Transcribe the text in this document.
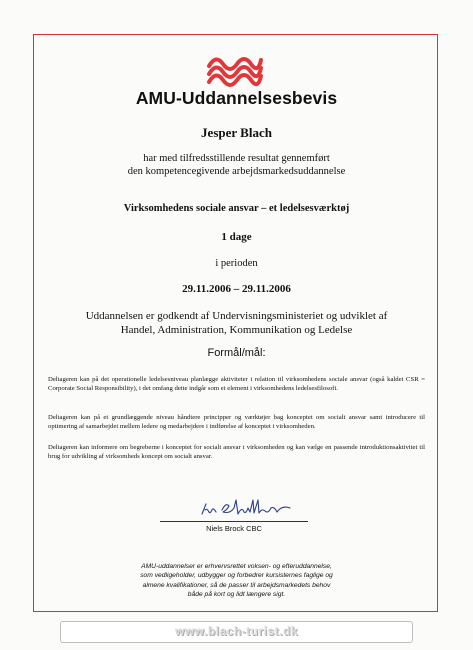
AMU-Uddannelsesbevis
Jesper Blach
har med tilfredsstillende resultat gennemført
den kompetencegivende arbejdsmarkedsuddannelse
Virksomhedens sociale ansvar – et ledelsesværktøj
1 dage
i perioden
29.11.2006 – 29.11.2006
Uddannelsen er godkendt af Undervisningsministeriet og udviklet af
Handel, Administration, Kommunikation og Ledelse
Formål/mål:
Deltageren kan på det operationelle ledelsesniveau planlægge aktiviteter i relation til virksomhedens sociale ansvar (også kaldet CSR = Corporate Social Responsibility), i det omfang dette indgår som et element i virksomhedens ledelsesfilosofi.
Deltageren kan på et grundlæggende niveau håndtere principper og værktøjer bag konceptet om socialt ansvar samt introducere til optimering af samarbejdet mellem ledere og medarbejdere i indførelse af konceptet i virksomheden.
Deltageren kan informere om begreberne i konceptet for socialt ansvar i virksomheden og kan vælge en passende introduktionsaktivitet til brug for udvikling af virksomheds koncept om socialt ansvar.
Niels Brock CBC
AMU-uddannelser er erhvervsrettet voksen- og efteruddannelse,
som vedligeholder, udbygger og forbedrer kursisternes faglige og
almene kvalifikationer, så de passer til arbejdsmarkedets behov
både på kort og lidt længere sigt.
www.blach-turist.dk
